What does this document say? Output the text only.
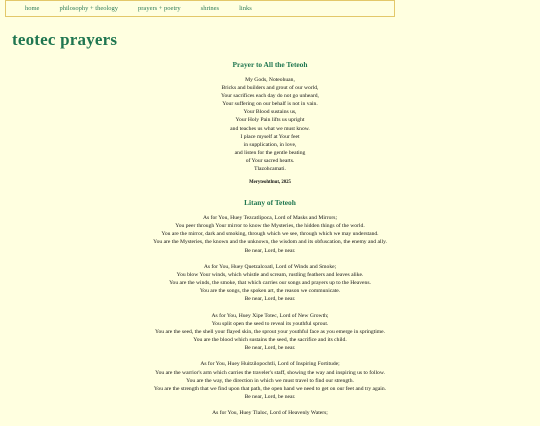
home	philosophy + theology	prayers + poetry	shrines	links
teotec prayers
Prayer to All the Teteoh
My Gods, Noteohuan,
Bricks and builders and grout of our world,
Your sacrifices each day do not go unheard,
Your suffering on our behalf is not in vain.
Your Blood sustains us,
Your Holy Pain lifts us upright
and teaches us what we must know.
I place myself at Your feet
in supplication, in love,
and listen for the gentle beating
of Your sacred hearts.
Tlazohcamati.
Meryteohtlnut, 2025
Litany of Teteoh
As for You, Huey Tezcatlipoca, Lord of Masks and Mirrors;
You peer through Your mirror to know the Mysteries, the hidden things of the world.
You are the mirror, dark and smoking, through which we see, through which we may understand.
You are the Mysteries, the known and the unknown, the wisdom and its obfuscation, the enemy and ally.
Be near, Lord, be near.
As for You, Huey Quetzalcoatl, Lord of Winds and Smoke;
You blow Your winds, which whistle and scream, rustling feathers and leaves alike.
You are the winds, the smoke, that which carries our songs and prayers up to the Heavens.
You are the songs, the spoken art, the reason we communicate.
Be near, Lord, be near.
As for You, Huey Xipe Totec, Lord of New Growth;
You split open the seed to reveal its youthful sprout.
You are the seed, the shell your flayed skin, the sprout your youthful face as you emerge in springtime.
You are the blood which sustains the seed, the sacrifice and its child.
Be near, Lord, be near.
As for You, Huey Huitzilopochtli, Lord of Inspiring Fortitude;
You are the warrior's arm which carries the traveler's staff, showing the way and inspiring us to follow.
You are the way, the direction in which we must travel to find our strength.
You are the strength that we find upon that path, the open hand we need to get on our feet and try again.
Be near, Lord, be near.
As for You, Huey Tlaloc, Lord of Heavenly Waters;
